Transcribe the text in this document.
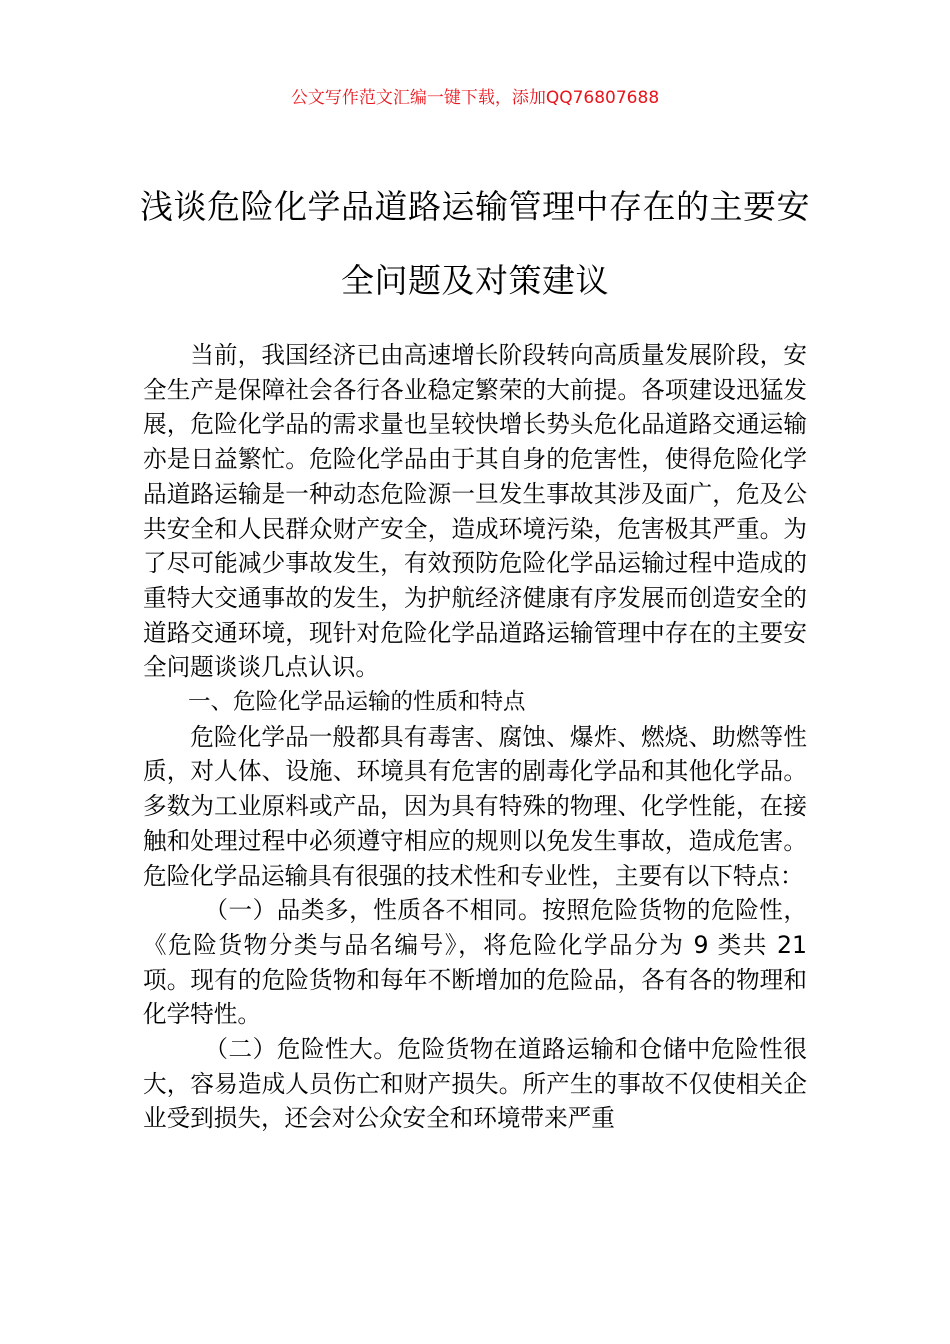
公文写作范文汇编一键下载，添加QQ76807688
浅谈危险化学品道路运输管理中存在的主要安全问题及对策建议

当前，我国经济已由高速增长阶段转向高质量发展阶段，安全生产是保障社会各行各业稳定繁荣的大前提。各项建设迅猛发展，危险化学品的需求量也呈较快增长势头危化品道路交通运输亦是日益繁忙。危险化学品由于其自身的危害性，使得危险化学品道路运输是一种动态危险源一旦发生事故其涉及面广，危及公共安全和人民群众财产安全，造成环境污染，危害极其严重。为了尽可能减少事故发生，有效预防危险化学品运输过程中造成的重特大交通事故的发生，为护航经济健康有序发展而创造安全的道路交通环境，现针对危险化学品道路运输管理中存在的主要安全问题谈谈几点认识。

一、危险化学品运输的性质和特点

危险化学品一般都具有毒害、腐蚀、爆炸、燃烧、助燃等性质，对人体、设施、环境具有危害的剧毒化学品和其他化学品。多数为工业原料或产品，因为具有特殊的物理、化学性能，在接触和处理过程中必须遵守相应的规则以免发生事故，造成危害。危险化学品运输具有很强的技术性和专业性，主要有以下特点：

（一）品类多，性质各不相同。按照危险货物的危险性，《危险货物分类与品名编号》，将危险化学品分为 9 类共 21 项。现有的危险货物和每年不断增加的危险品，各有各的物理和化学特性。

（二）危险性大。危险货物在道路运输和仓储中危险性很大，容易造成人员伤亡和财产损失。所产生的事故不仅使相关企业受到损失，还会对公众安全和环境带来严重
